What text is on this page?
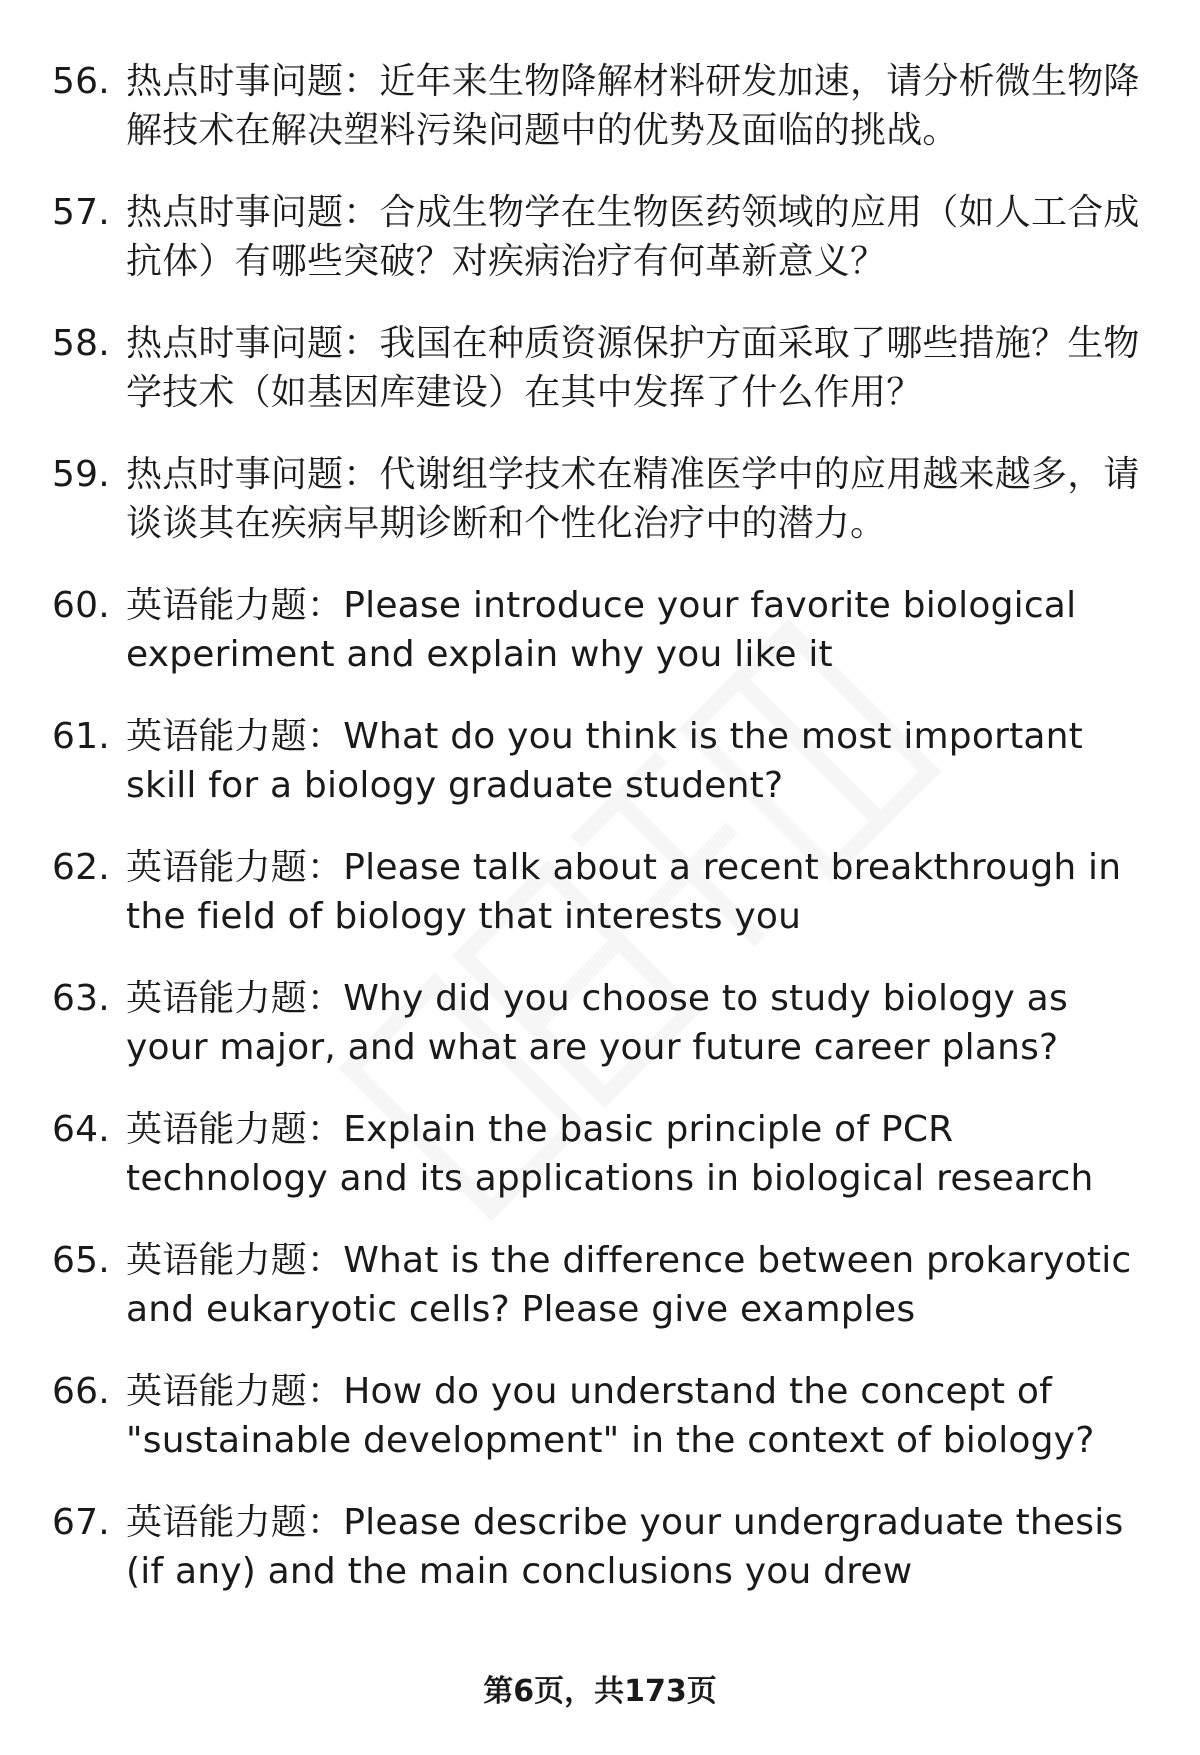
56. 热点时事问题：近年来生物降解材料研发加速，请分析微生物降解技术在解决塑料污染问题中的优势及面临的挑战。
57. 热点时事问题：合成生物学在生物医药领域的应用（如人工合成抗体）有哪些突破？对疾病治疗有何革新意义？
58. 热点时事问题：我国在种质资源保护方面采取了哪些措施？生物学技术（如基因库建设）在其中发挥了什么作用？
59. 热点时事问题：代谢组学技术在精准医学中的应用越来越多，请谈谈其在疾病早期诊断和个性化治疗中的潜力。
60. 英语能力题：Please introduce your favorite biological experiment and explain why you like it
61. 英语能力题：What do you think is the most important skill for a biology graduate student?
62. 英语能力题：Please talk about a recent breakthrough in the field of biology that interests you
63. 英语能力题：Why did you choose to study biology as your major, and what are your future career plans?
64. 英语能力题：Explain the basic principle of PCR technology and its applications in biological research
65. 英语能力题：What is the difference between prokaryotic and eukaryotic cells? Please give examples
66. 英语能力题：How do you understand the concept of "sustainable development" in the context of biology?
67. 英语能力题：Please describe your undergraduate thesis (if any) and the main conclusions you drew
第6页，共173页
